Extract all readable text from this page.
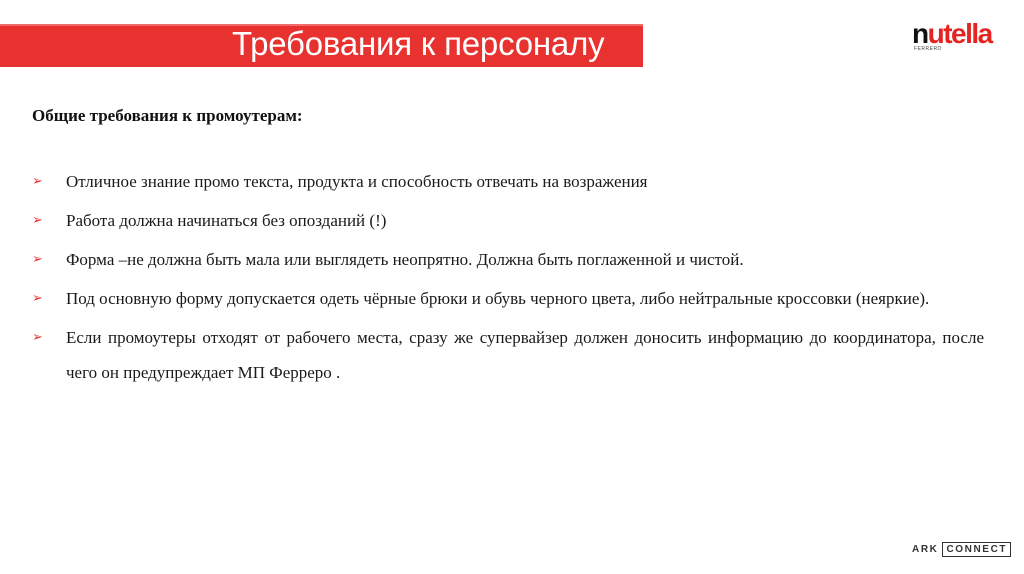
Требования к персоналу	nutella
FERRERO
Общие требования к промоутерам:
➢ Отличное знание промо текста, продукта и способность отвечать на возражения
➢ Работа должна начинаться без опозданий (!)
➢ Форма –не должна быть мала или выглядеть неопрятно. Должна быть поглаженной и чистой.
➢ Под основную форму допускается одеть чёрные брюки и обувь черного цвета, либо нейтральные кроссовки (неяркие).
➢ Если промоутеры отходят от рабочего места, сразу же супервайзер должен доносить информацию до координатора, после чего он предупреждает МП Ферреро .
ARK CONNECT
